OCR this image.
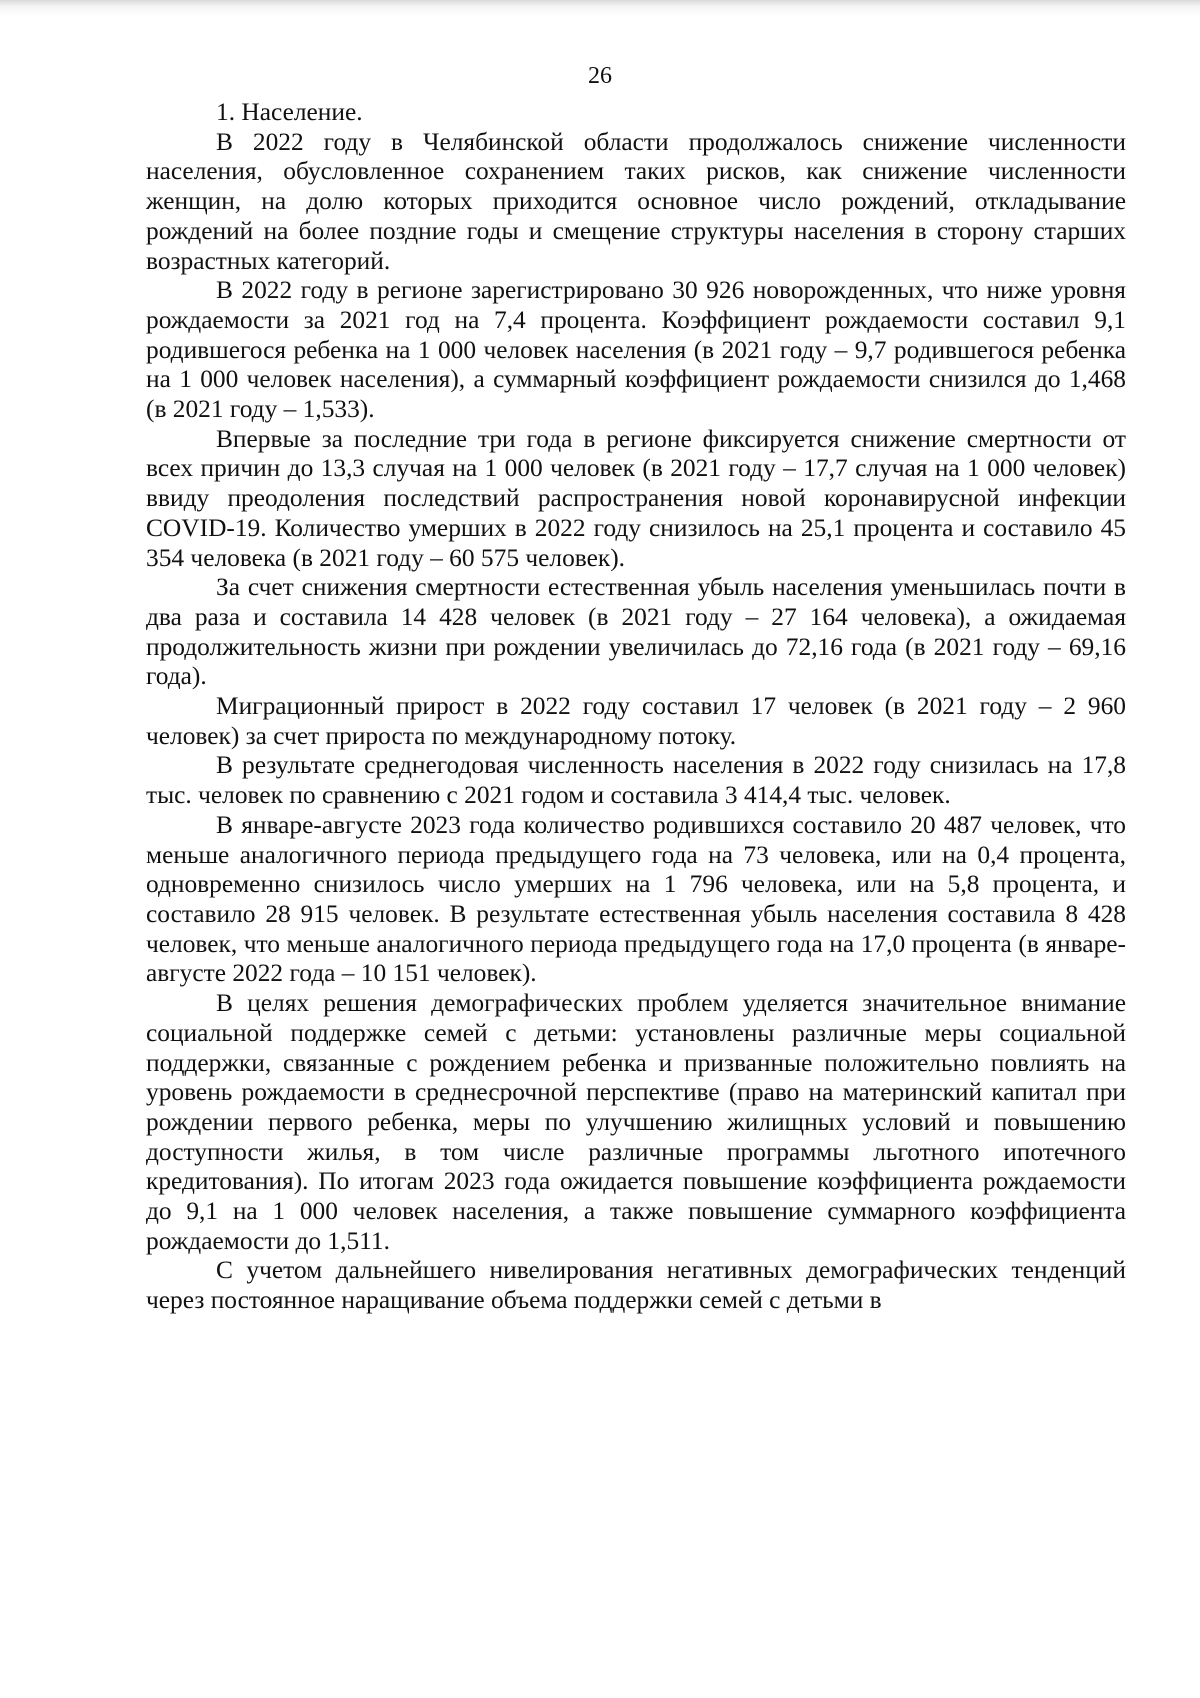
26

1. Население.

В 2022 году в Челябинской области продолжалось снижение численности населения, обусловленное сохранением таких рисков, как снижение численности женщин, на долю которых приходится основное число рождений, откладывание рождений на более поздние годы и смещение структуры населения в сторону старших возрастных категорий.

В 2022 году в регионе зарегистрировано 30 926 новорожденных, что ниже уровня рождаемости за 2021 год на 7,4 процента. Коэффициент рождаемости составил 9,1 родившегося ребенка на 1 000 человек населения (в 2021 году – 9,7 родившегося ребенка на 1 000 человек населения), а суммарный коэффициент рождаемости снизился до 1,468 (в 2021 году – 1,533).

Впервые за последние три года в регионе фиксируется снижение смертности от всех причин до 13,3 случая на 1 000 человек (в 2021 году – 17,7 случая на 1 000 человек) ввиду преодоления последствий распространения новой коронавирусной инфекции COVID-19. Количество умерших в 2022 году снизилось на 25,1 процента и составило 45 354 человека (в 2021 году – 60 575 человек).

За счет снижения смертности естественная убыль населения уменьшилась почти в два раза и составила 14 428 человек (в 2021 году – 27 164 человека), а ожидаемая продолжительность жизни при рождении увеличилась до 72,16 года (в 2021 году – 69,16 года).

Миграционный прирост в 2022 году составил 17 человек (в 2021 году – 2 960 человек) за счет прироста по международному потоку.

В результате среднегодовая численность населения в 2022 году снизилась на 17,8 тыс. человек по сравнению с 2021 годом и составила 3 414,4 тыс. человек.

В январе-августе 2023 года количество родившихся составило 20 487 человек, что меньше аналогичного периода предыдущего года на 73 человека, или на 0,4 процента, одновременно снизилось число умерших на 1 796 человека, или на 5,8 процента, и составило 28 915 человек. В результате естественная убыль населения составила 8 428 человек, что меньше аналогичного периода предыдущего года на 17,0 процента (в январе-августе 2022 года – 10 151 человек).

В целях решения демографических проблем уделяется значительное внимание социальной поддержке семей с детьми: установлены различные меры социальной поддержки, связанные с рождением ребенка и призванные положительно повлиять на уровень рождаемости в среднесрочной перспективе (право на материнский капитал при рождении первого ребенка, меры по улучшению жилищных условий и повышению доступности жилья, в том числе различные программы льготного ипотечного кредитования). По итогам 2023 года ожидается повышение коэффициента рождаемости до 9,1 на 1 000 человек населения, а также повышение суммарного коэффициента рождаемости до 1,511.

С учетом дальнейшего нивелирования негативных демографических тенденций через постоянное наращивание объема поддержки семей с детьми в
